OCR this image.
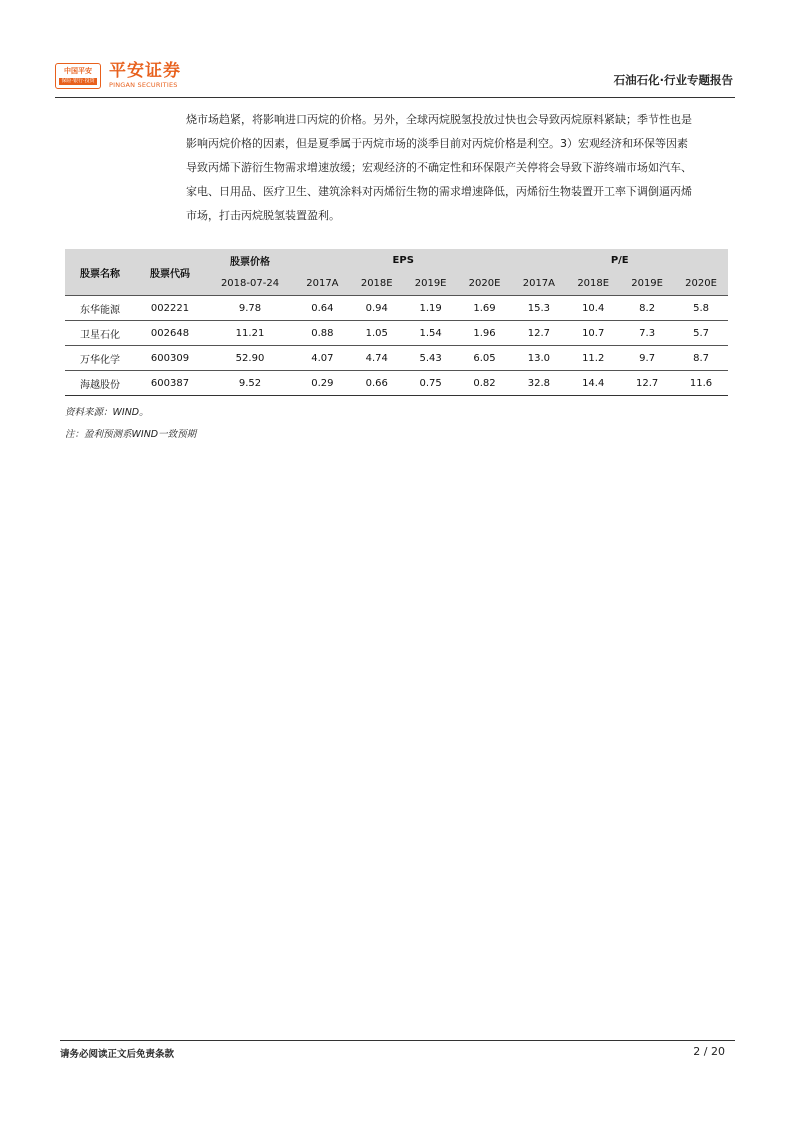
中国平安
保险·银行·投资 平安证券
PINGAN SECURITIES	石油石化·行业专题报告

烧市场趋紧，将影响进口丙烷的价格。另外，全球丙烷脱氢投放过快也会导致丙烷原料紧缺；季节性也是

影响丙烷价格的因素，但是夏季属于丙烷市场的淡季目前对丙烷价格是利空。3）宏观经济和环保等因素

导致丙烯下游衍生物需求增速放缓；宏观经济的不确定性和环保限产关停将会导致下游终端市场如汽车、

家电、日用品、医疗卫生、建筑涂料对丙烯衍生物的需求增速降低，丙烯衍生物装置开工率下调倒逼丙烯

市场，打击丙烷脱氢装置盈利。

股票名称	股票代码	股票价格	EPS				P/E			
		2018-07-24	2017A	2018E	2019E	2020E	2017A	2018E	2019E	2020E
东华能源	002221	9.78	0.64	0.94	1.19	1.69	15.3	10.4	8.2	5.8
卫星石化	002648	11.21	0.88	1.05	1.54	1.96	12.7	10.7	7.3	5.7
万华化学	600309	52.90	4.07	4.74	5.43	6.05	13.0	11.2	9.7	8.7
海越股份	600387	9.52	0.29	0.66	0.75	0.82	32.8	14.4	12.7	11.6
资料来源：WIND。
注：盈利预测系WIND一致预期
请务必阅读正文后免责条款	2 / 20
